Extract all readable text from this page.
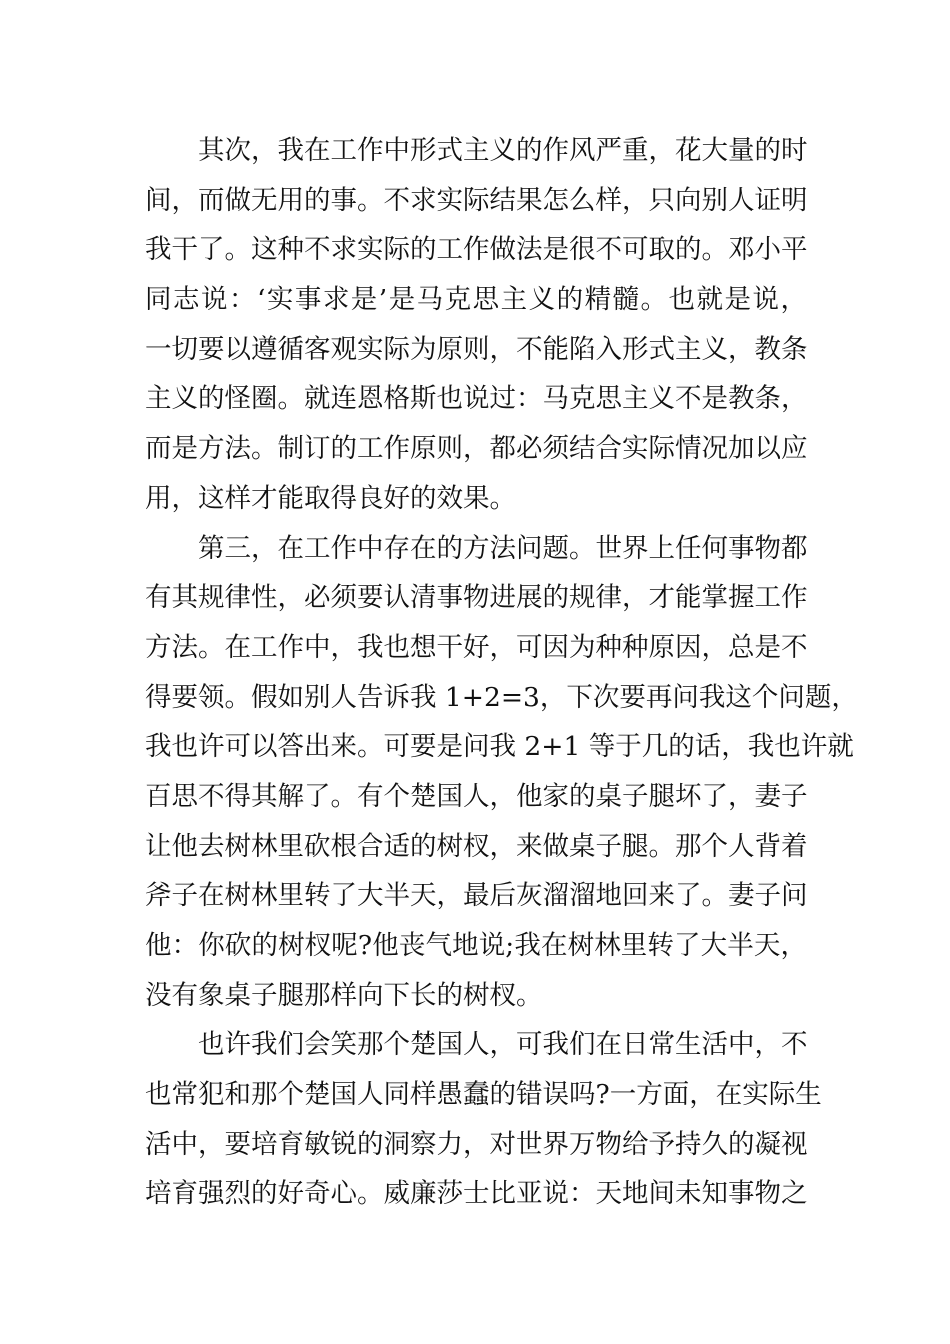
其次，我在工作中形式主义的作风严重，花大量的时
间，而做无用的事。不求实际结果怎么样，只向别人证明
我干了。这种不求实际的工作做法是很不可取的。邓小平
同志说：‘实事求是’是马克思主义的精髓。也就是说，
一切要以遵循客观实际为原则，不能陷入形式主义，教条
主义的怪圈。就连恩格斯也说过：马克思主义不是教条，
而是方法。制订的工作原则，都必须结合实际情况加以应
用，这样才能取得良好的效果。
第三，在工作中存在的方法问题。世界上任何事物都
有其规律性，必须要认清事物进展的规律，才能掌握工作
方法。在工作中，我也想干好，可因为种种原因，总是不
得要领。假如别人告诉我 1+2=3，下次要再问我这个问题，
我也许可以答出来。可要是问我 2+1 等于几的话，我也许就
百思不得其解了。有个楚国人，他家的桌子腿坏了，妻子
让他去树林里砍根合适的树杈，来做桌子腿。那个人背着
斧子在树林里转了大半天，最后灰溜溜地回来了。妻子问
他：你砍的树杈呢?他丧气地说;我在树林里转了大半天，
没有象桌子腿那样向下长的树杈。
也许我们会笑那个楚国人，可我们在日常生活中，不
也常犯和那个楚国人同样愚蠢的错误吗?一方面，在实际生
活中，要培育敏锐的洞察力，对世界万物给予持久的凝视
培育强烈的好奇心。威廉莎士比亚说：天地间未知事物之
